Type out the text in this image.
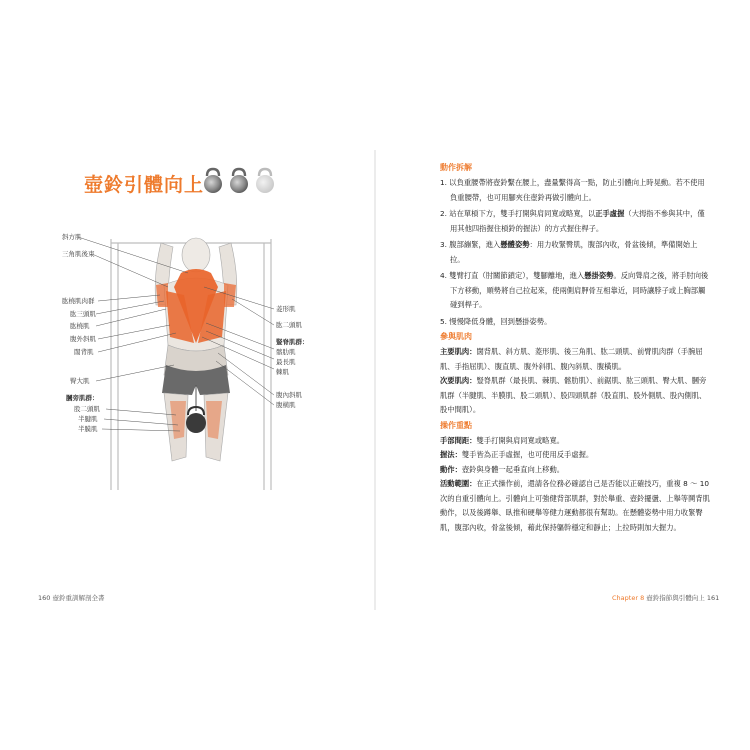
壺鈴引體向上
斜方肌
三角肌後束
肱橈肌肉群
肱三頭肌
肱橈肌
腹外斜肌
闊背肌
臀大肌
膕旁肌群：
股二頭肌
半腱肌
半膜肌
菱形肌
肱二頭肌
豎脊肌群：
髂肋肌
最長肌
棘肌
腹內斜肌
腹橫肌
160 壺鈴重訓解剖全書
動作拆解
1. 以負重腰帶將壺鈴繫在腰上，盡量繫得高一點，防止引體向上時晃動。若不使用負重腰帶，也可用腳夾住壺鈴再做引體向上。
2. 站在單槓下方，雙手打開與肩同寬或略寬，以正手虛握（大拇指不參與其中，僅用其他四指握住槓鈴的握法）的方式握住桿子。
3. 腹部繃緊，進入懸體姿勢：用力收緊臀肌，腹部內收，骨盆後傾，準備開始上拉。
4. 雙臂打直（肘關節鎖定），雙腳離地，進入懸掛姿勢。反向聳肩之後，將手肘向後下方移動，順勢將自己拉起來，使兩側肩胛骨互相靠近，同時讓脖子或上胸部觸碰到桿子。
5. 慢慢降低身體，回到懸掛姿勢。
參與肌肉

主要肌肉：闊背肌、斜方肌、菱形肌、後三角肌、肱二頭肌、前臂肌肉群（手腕屈肌、手指屈肌）、腹直肌、腹外斜肌、腹內斜肌、腹橫肌。

次要肌肉：豎脊肌群（最長肌、棘肌、髂肋肌）、前鋸肌、肱三頭肌、臀大肌、膕旁肌群（半腱肌、半膜肌、股二頭肌）、股四頭肌群（股直肌、股外側肌、股內側肌、股中間肌）。

操作重點

手部間距：雙手打開與肩同寬或略寬。

握法：雙手皆為正手虛握，也可使用反手虛握。

動作：壺鈴與身體一起垂直向上移動。

活動範圍：在正式操作前，還請各位務必確認自己是否能以正確技巧，重複 8 ～ 10 次的自重引體向上。引體向上可強健背部肌群，對於舉重、壺鈴擺盪、上舉等鬨背肌動作，以及後蹲舉、臥推和硬舉等健力運動都很有幫助。在懸體姿勢中用力收緊臀肌，腹部內收，骨盆後傾，藉此保持軀幹穩定和靜止；上拉時則加大握力。

Chapter 8 壺鈴指節與引體向上 161
